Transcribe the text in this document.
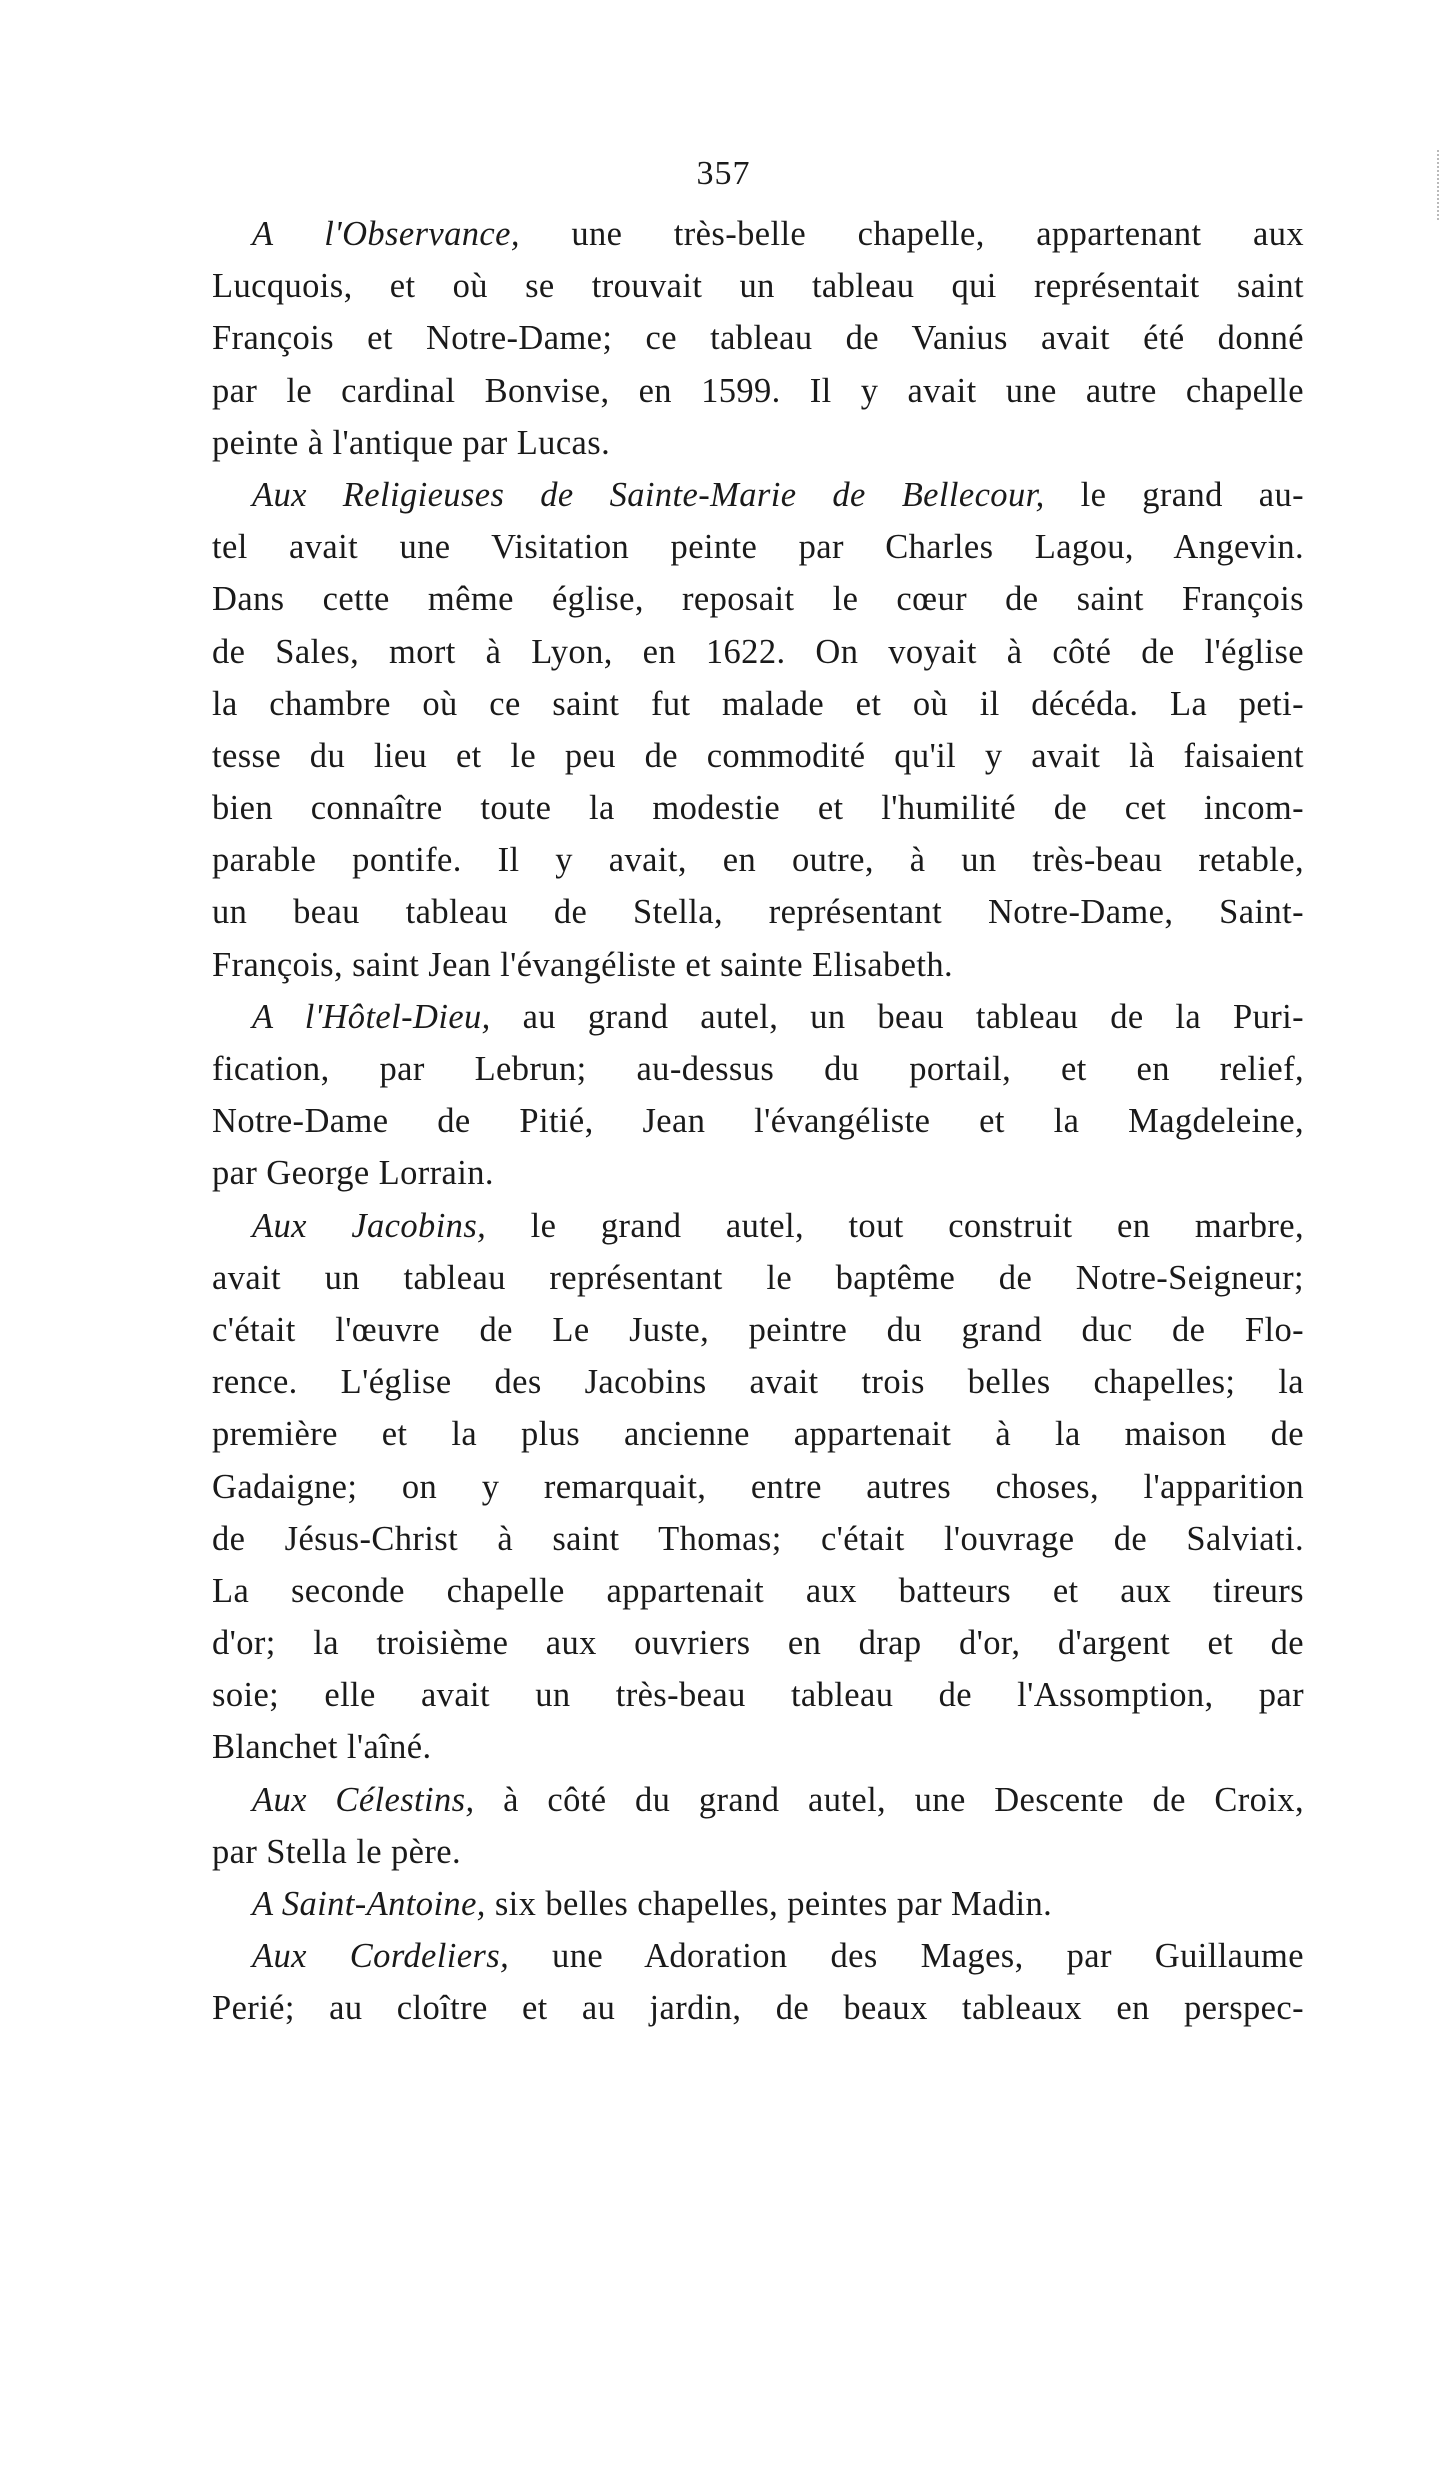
357
A l'Observance, une très-belle chapelle, appartenant aux
Lucquois, et où se trouvait un tableau qui représentait saint
François et Notre-Dame; ce tableau de Vanius avait été donné
par le cardinal Bonvise, en 1599. Il y avait une autre chapelle
peinte à l'antique par Lucas.
Aux Religieuses de Sainte-Marie de Bellecour, le grand au-
tel avait une Visitation peinte par Charles Lagou, Angevin.
Dans cette même église, reposait le cœur de saint François
de Sales, mort à Lyon, en 1622. On voyait à côté de l'église
la chambre où ce saint fut malade et où il décéda. La peti-
tesse du lieu et le peu de commodité qu'il y avait là faisaient
bien connaître toute la modestie et l'humilité de cet incom-
parable pontife. Il y avait, en outre, à un très-beau retable,
un beau tableau de Stella, représentant Notre-Dame, Saint-
François, saint Jean l'évangéliste et sainte Elisabeth.
A l'Hôtel-Dieu, au grand autel, un beau tableau de la Puri-
fication, par Lebrun; au-dessus du portail, et en relief,
Notre-Dame de Pitié, Jean l'évangéliste et la Magdeleine,
par George Lorrain.
Aux Jacobins, le grand autel, tout construit en marbre,
avait un tableau représentant le baptême de Notre-Seigneur;
c'était l'œuvre de Le Juste, peintre du grand duc de Flo-
rence. L'église des Jacobins avait trois belles chapelles; la
première et la plus ancienne appartenait à la maison de
Gadaigne; on y remarquait, entre autres choses, l'apparition
de Jésus-Christ à saint Thomas; c'était l'ouvrage de Salviati.
La seconde chapelle appartenait aux batteurs et aux tireurs
d'or; la troisième aux ouvriers en drap d'or, d'argent et de
soie; elle avait un très-beau tableau de l'Assomption, par
Blanchet l'aîné.
Aux Célestins, à côté du grand autel, une Descente de Croix,
par Stella le père.
A Saint-Antoine, six belles chapelles, peintes par Madin.
Aux Cordeliers, une Adoration des Mages, par Guillaume
Perié; au cloître et au jardin, de beaux tableaux en perspec-
